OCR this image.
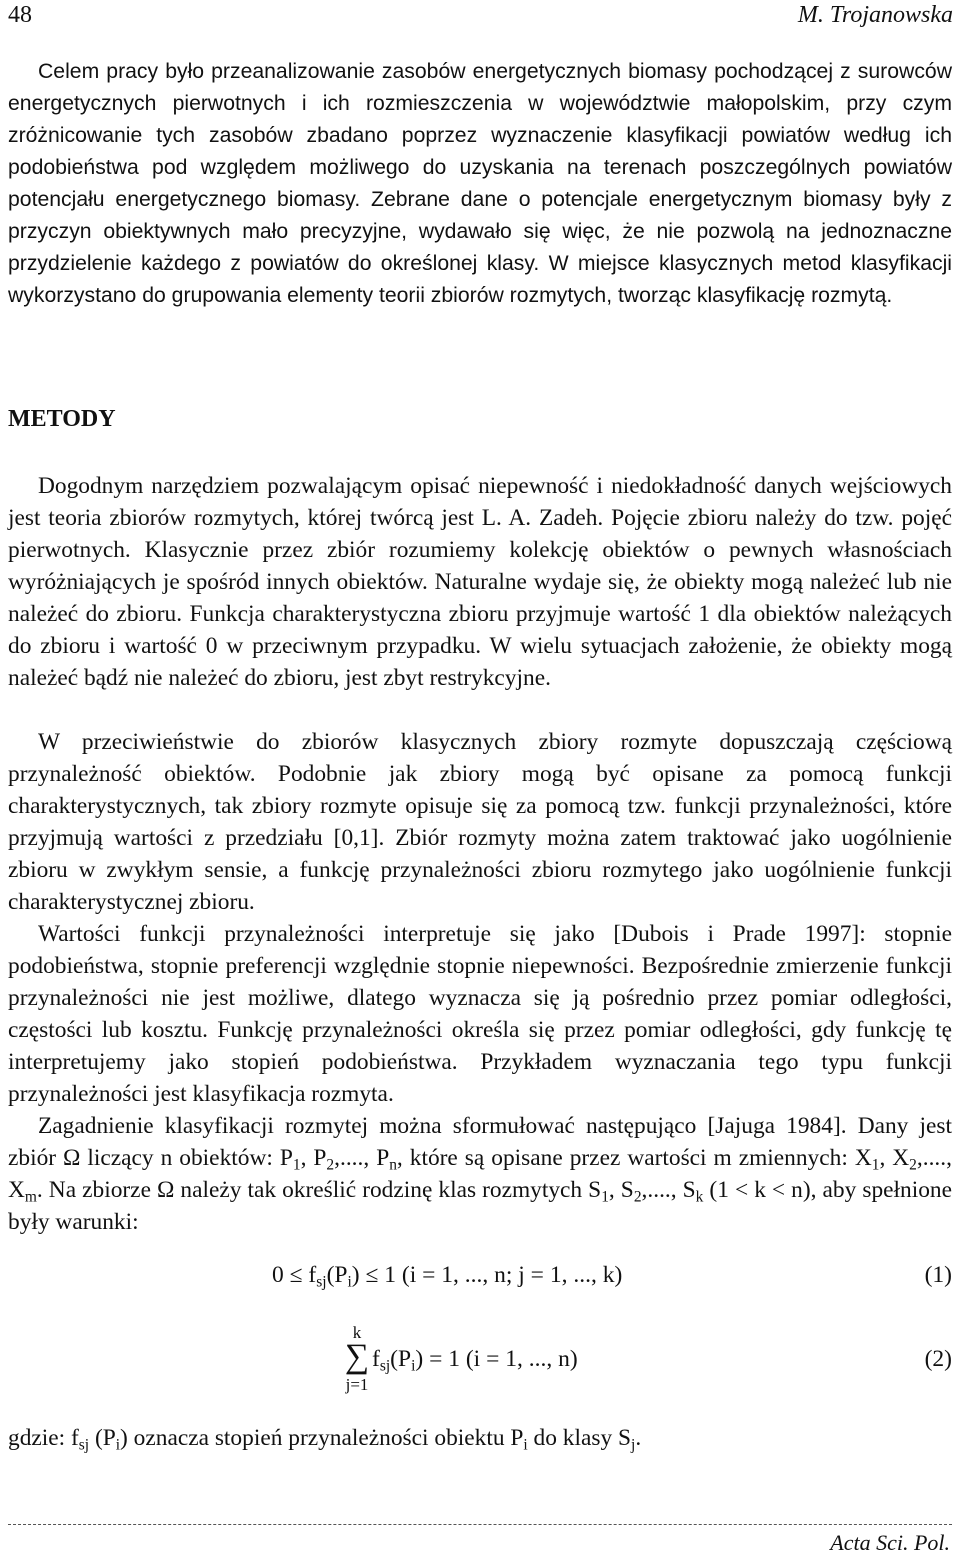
48	M. Trojanowska

Celem pracy było przeanalizowanie zasobów energetycznych biomasy pochodzącej z surowców energetycznych pierwotnych i ich rozmieszczenia w województwie małopolskim, przy czym zróżnicowanie tych zasobów zbadano poprzez wyznaczenie klasyfikacji powiatów według ich podobieństwa pod względem możliwego do uzyskania na terenach poszczególnych powiatów potencjału energetycznego biomasy. Zebrane dane o potencjale energetycznym biomasy były z przyczyn obiektywnych mało precyzyjne, wydawało się więc, że nie pozwolą na jednoznaczne przydzielenie każdego z powiatów do określonej klasy. W miejsce klasycznych metod klasyfikacji wykorzystano do grupowania elementy teorii zbiorów rozmytych, tworząc klasyfikację rozmytą.

METODY

Dogodnym narzędziem pozwalającym opisać niepewność i niedokładność danych wejściowych jest teoria zbiorów rozmytych, której twórcą jest L. A. Zadeh. Pojęcie zbioru należy do tzw. pojęć pierwotnych. Klasycznie przez zbiór rozumiemy kolekcję obiektów o pewnych własnościach wyróżniających je spośród innych obiektów. Naturalne wydaje się, że obiekty mogą należeć lub nie należeć do zbioru. Funkcja charakterystyczna zbioru przyjmuje wartość 1 dla obiektów należących do zbioru i wartość 0 w przeciwnym przypadku. W wielu sytuacjach założenie, że obiekty mogą należeć bądź nie należeć do zbioru, jest zbyt restrykcyjne.

W przeciwieństwie do zbiorów klasycznych zbiory rozmyte dopuszczają częściową przynależność obiektów. Podobnie jak zbiory mogą być opisane za pomocą funkcji charakterystycznych, tak zbiory rozmyte opisuje się za pomocą tzw. funkcji przynależności, które przyjmują wartości z przedziału [0,1]. Zbiór rozmyty można zatem traktować jako uogólnienie zbioru w zwykłym sensie, a funkcję przynależności zbioru rozmytego jako uogólnienie funkcji charakterystycznej zbioru.

Wartości funkcji przynależności interpretuje się jako [Dubois i Prade 1997]: stopnie podobieństwa, stopnie preferencji względnie stopnie niepewności. Bezpośrednie zmierzenie funkcji przynależności nie jest możliwe, dlatego wyznacza się ją pośrednio przez pomiar odległości, częstości lub kosztu. Funkcję przynależności określa się przez pomiar odległości, gdy funkcję tę interpretujemy jako stopień podobieństwa. Przykładem wyznaczania tego typu funkcji przynależności jest klasyfikacja rozmyta.

Zagadnienie klasyfikacji rozmytej można sformułować następująco [Jajuga 1984]. Dany jest zbiór Ω liczący n obiektów: $P_1$, $P_2$,...., $P_n$, które są opisane przez wartości m zmiennych: $X_1$, $X_2$,...., $X_m$. Na zbiorze Ω należy tak określić rodzinę klas rozmytych $S_1$, $S_2$,...., $S_k$ (1 < k < n), aby spełnione były warunki:

$0 \le f_{sj}(P_i) \le 1$ (i = 1, ..., n; j = 1, ..., k)	(1)
k
∑
j=1
$f_{sj}(P_i) = 1$ (i = 1, ..., n)	(2)

gdzie: $f_{sj}$ $(P_i)$ oznacza stopień przynależności obiektu $P_i$ do klasy $S_j$.

Acta Sci. Pol.
